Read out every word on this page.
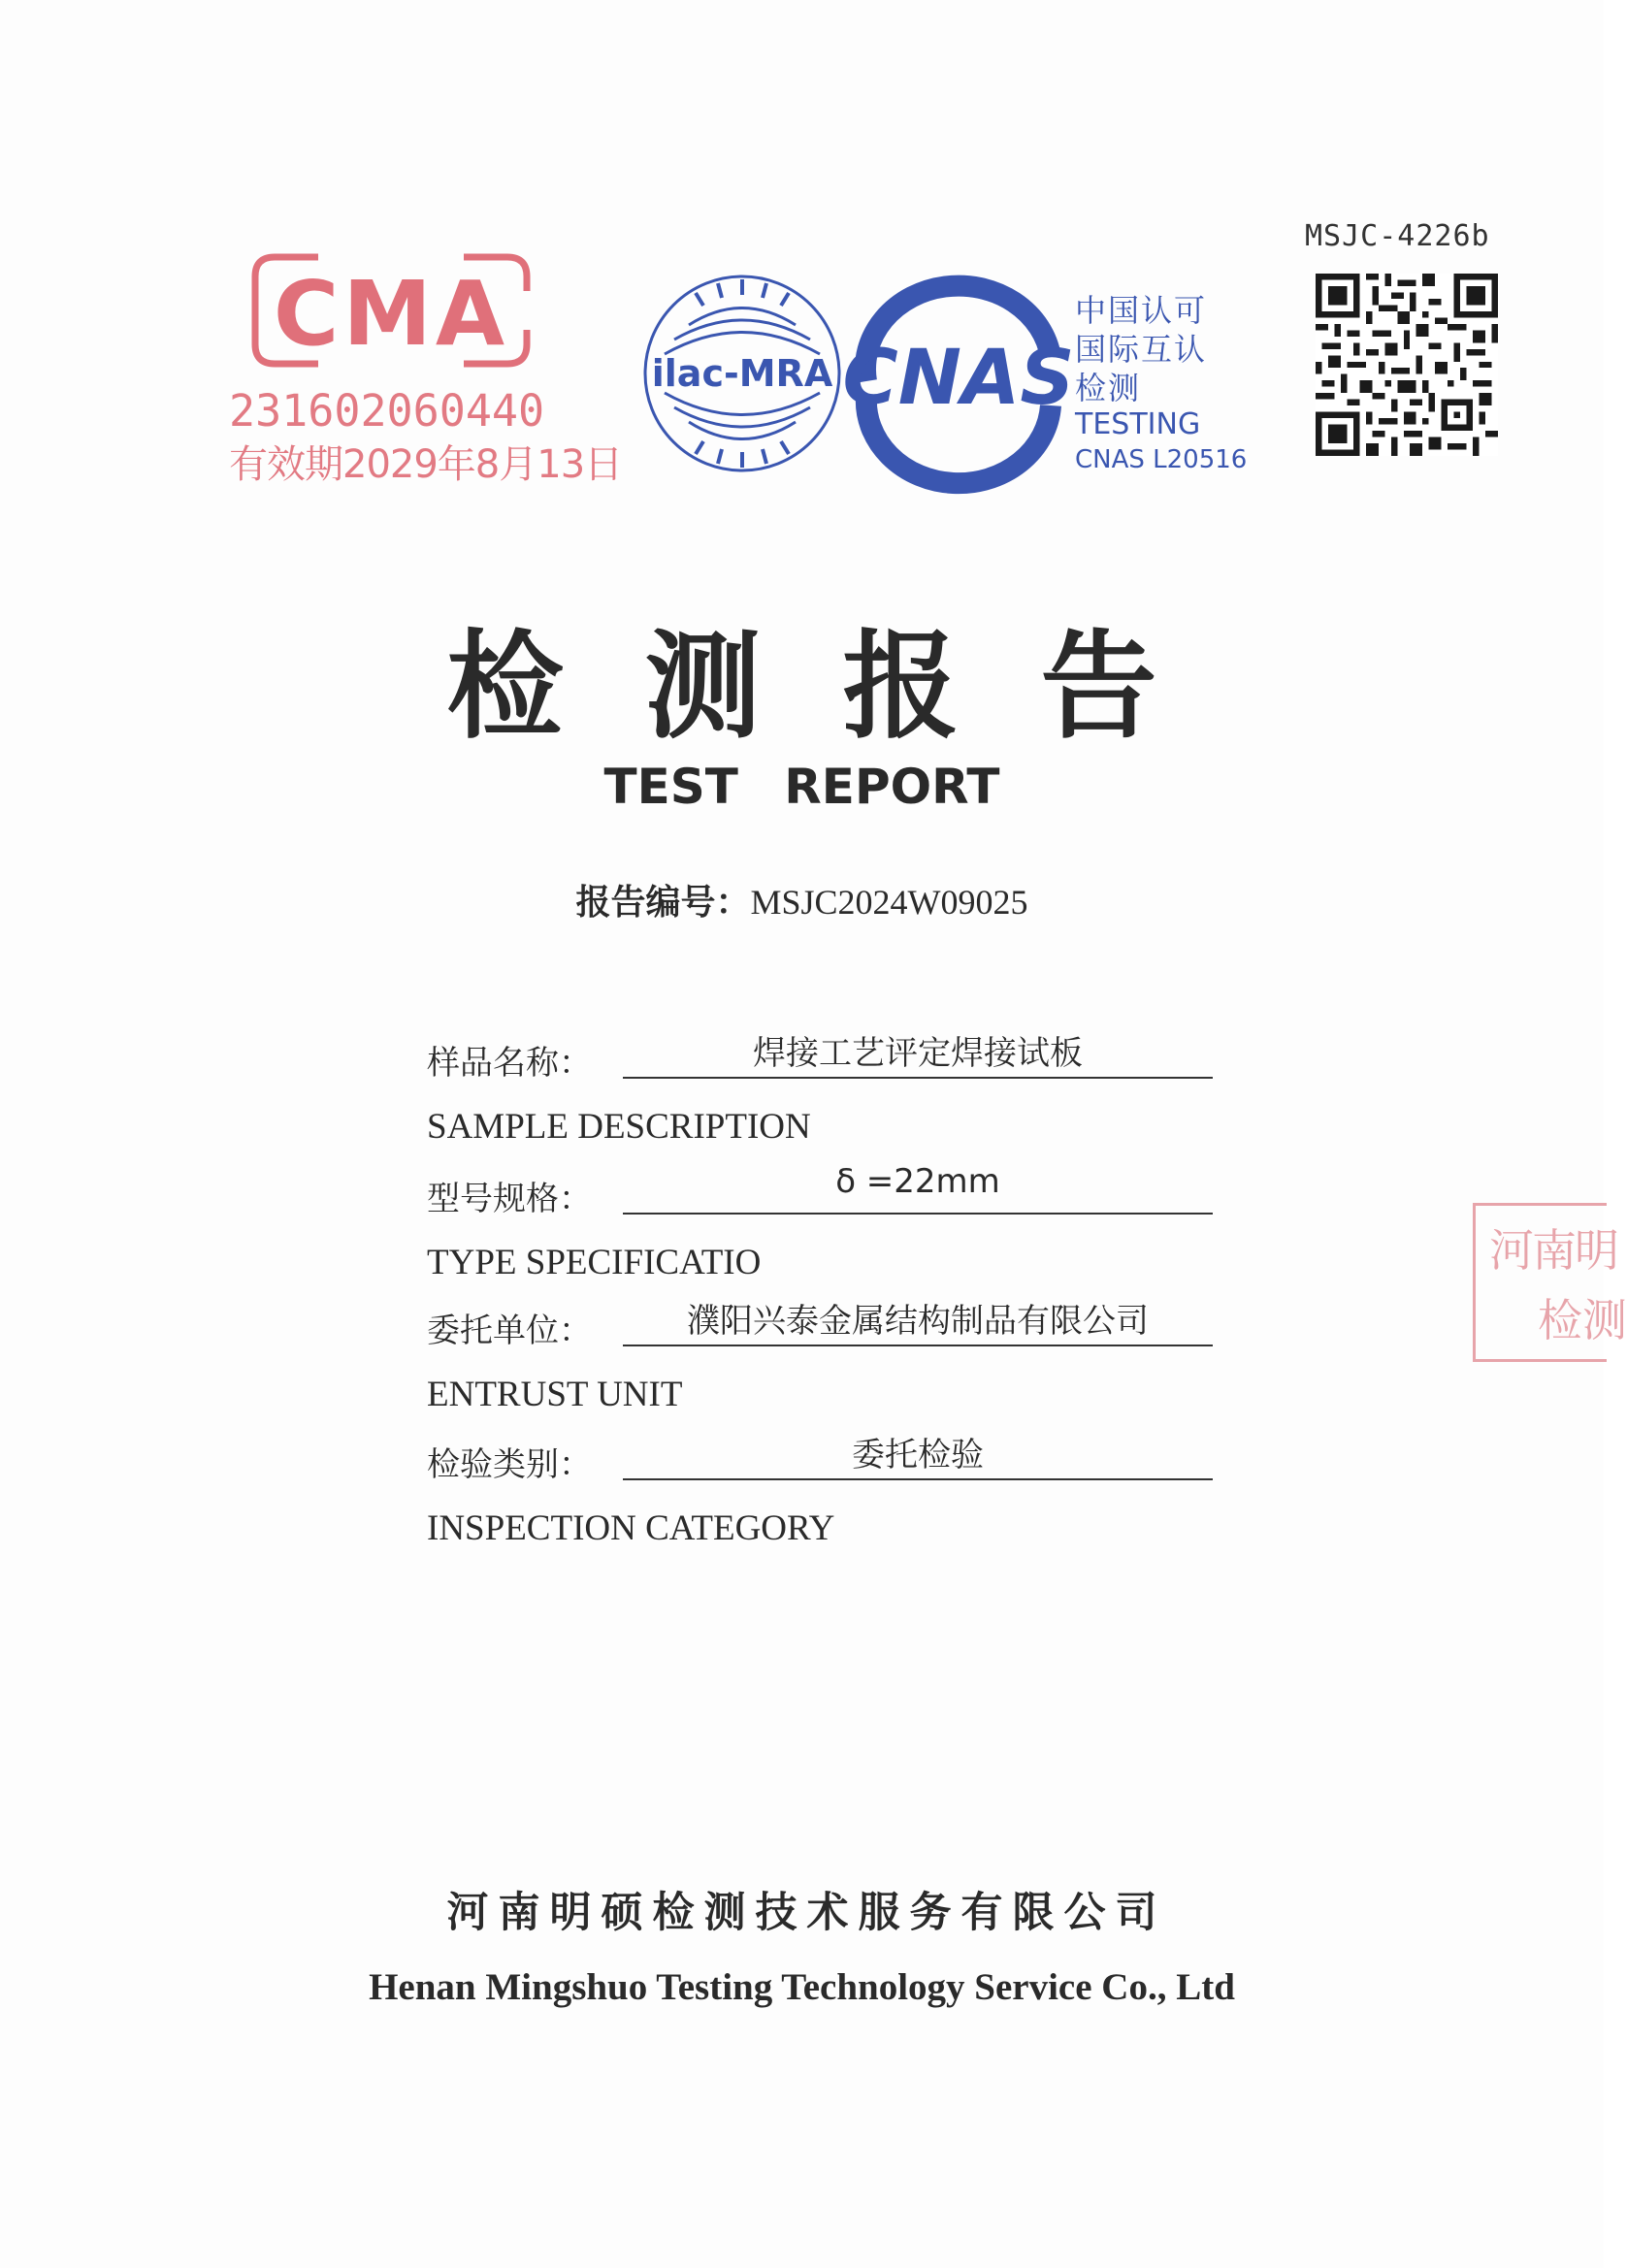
MSJC-4226b
CMA
231602060440
有效期2029年8月13日
ilac-MRA CNAS
中国认可
国际互认
检测
TESTING
CNAS L20516
检测报告
TEST REPORT
报告编号：MSJC2024W09025
样品名称：	焊接工艺评定焊接试板
SAMPLE DESCRIPTION
型号规格：	δ =22mm
TYPE SPECIFICATIO
委托单位：	濮阳兴泰金属结构制品有限公司
ENTRUST UNIT
检验类别：	委托检验
INSPECTION CATEGORY
河南明
检测
河南明硕检测技术服务有限公司
Henan Mingshuo Testing Technology Service Co., Ltd
